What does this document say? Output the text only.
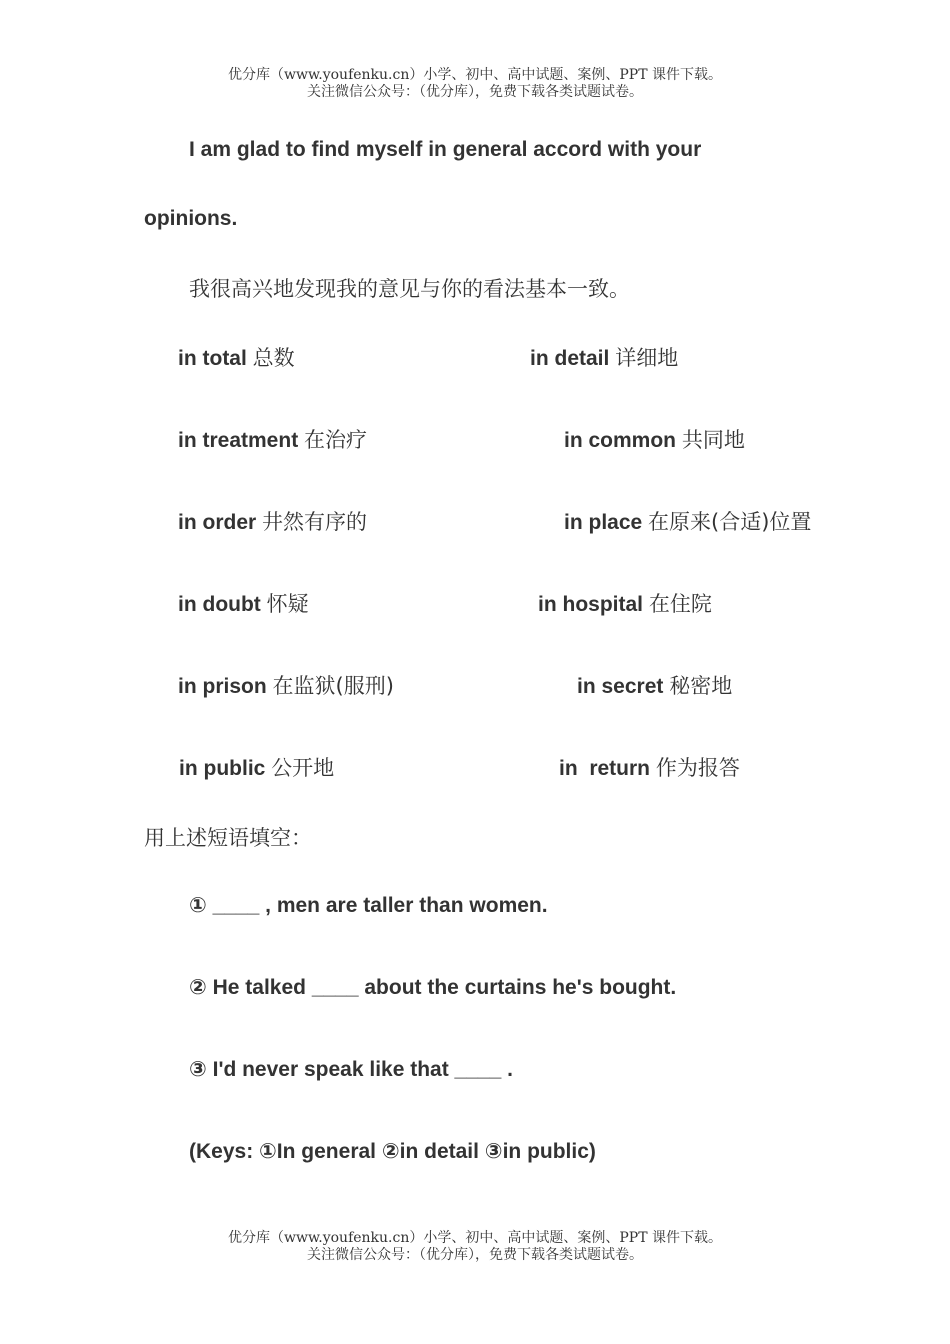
优分库（www.youfenku.cn）小学、初中、高中试题、案例、PPT 课件下载。
关注微信公众号：（优分库），免费下载各类试题试卷。
I am glad to find myself in general accord with your
opinions.
我很高兴地发现我的意见与你的看法基本一致。
in total 总数	in detail 详细地
in treatment 在治疗	in common 共同地
in order 井然有序的	in place 在原来(合适)位置
in doubt 怀疑	in hospital 在住院
in prison 在监狱(服刑)	in secret 秘密地
in public 公开地	in  return 作为报答
用上述短语填空：
① ____ , men are taller than women.
② He talked ____ about the curtains he's bought.
③ I'd never speak like that ____ .
(Keys: ①In general ②in detail ③in public)
优分库（www.youfenku.cn）小学、初中、高中试题、案例、PPT 课件下载。
关注微信公众号：（优分库），免费下载各类试题试卷。
